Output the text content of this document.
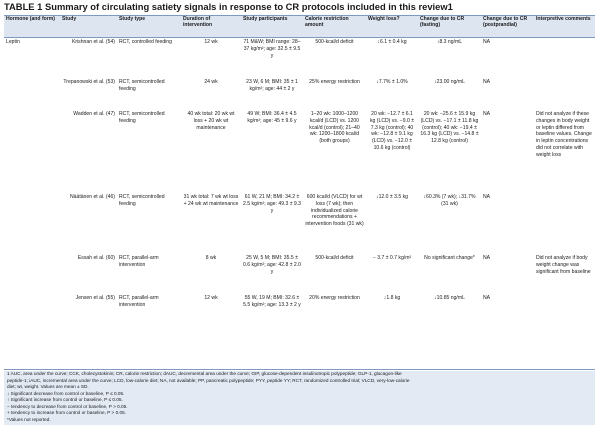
TABLE 1 Summary of circulating satiety signals in response to CR protocols included in this review1
Hormone (and form)	Study	Study type	Duration of intervention	Study participants	Calorie restriction amount	Weight loss?	Change due to CR (fasting)	Change due to CR (postprandial)	Interpretive comments
Leptin	Krishnan et al. (54)	RCT, controlled feeding	12 wk	71 M&W; BMI range: 28–37 kg/m²; age: 32.5 ± 9.5 y	500-kcal/d deficit	↓6.1 ± 0.4 kg	↓8.3 ng/mL	NA	
	Trepanowski et al. (53)	RCT, semicontrolled feeding	24 wk	23 W, 6 M; BMI: 35 ± 1 kg/m²; age: 44 ± 2 y	25% energy restriction	↓7.7% ± 1.0%	↓23.00 ng/mL	NA	
	Wadden et al. (47)	RCT, semicontrolled feeding	40 wk total: 20 wk wt loss + 20 wk wt maintenance	49 W; BMI: 36.4 ± 4.5 kg/m²; age: 45 ± 9.6 y	1–20 wk: 1000–1200 kcal/d (LCD) vs. 1200 kcal/d (control); 21–40 wk: 1200–1800 kcal/d (both groups)	20 wk: −12.7 ± 6.1 kg (LCD) vs. −9.0 ± 7.3 kg (control); 40 wk: −12.8 ± 9.1 kg (LCD) vs. −12.0 ± 10.6 kg (control)	20 wk: −25.6 ± 15.9 kg (LCD) vs. −17.1 ± 11.8 kg (control); 40 wk: −19.4 ± 16.3 kg (LCD) vs. −14.8 ± 12.8 kg (control)	NA	Did not analyze if these changes in body weight or leptin differed from baseline values. Change in leptin concentrations did not correlate with weight loss
	Näätänen et al. (46)	RCT, semicontrolled feeding	31 wk total: 7 wk wt loss + 24 wk wt maintenance	61 W, 21 M; BMI: 34.2 ± 2.5 kg/m²; age: 49.3 ± 9.3 y	600 kcal/d (VLCD) for wt loss (7 wk); then individualized calorie recommendations + intervention foods (31 wk)	↓12.0 ± 3.5 kg	↓60.3% (7 wk); ↓31.7% (31 wk)	NA	
	Essah et al. (60)	RCT, parallel-arm intervention	8 wk	25 W, 5 M; BMI: 35.5 ± 0.6 kg/m²; age: 42.8 ± 2.0 y	500-kcal/d deficit	− 3.7 ± 0.7 kg/m²	No significant change*	NA	Did not analyze if body weight change was significant from baseline
	Jensen et al. (55)	RCT, parallel-arm intervention	12 wk	55 W, 19 M; BMI: 32.6 ± 5.5 kg/m²; age: 13.3 ± 2 y	20% energy restriction	↓1.8 kg	↓10.85 ng/mL	NA	
1 AUC, area under the curve; CCK, cholecystokinin; CR, calorie restriction; dAUC, decremental area under the curve; GIP, glucose-dependent insulinotropic polypeptide; GLP-1, glucagon-like
peptide-1; iAUC, incremental area under the curve; LCD, low-calorie diet; NA, not available; PP, pancreatic polypeptide; PYY, peptide YY; RCT, randomized controlled trial; VLCD, very-low-calorie
diet; wt, weight. Values are mean ± SD.
↓ Significant decrease from control or baseline, P ≤ 0.05.
↑ Significant increase from control or baseline, P ≤ 0.05.
− tendency to decrease from control or baseline, P > 0.05.
+ tendency to increase from control or baseline, P > 0.05.
*Values not reported.
